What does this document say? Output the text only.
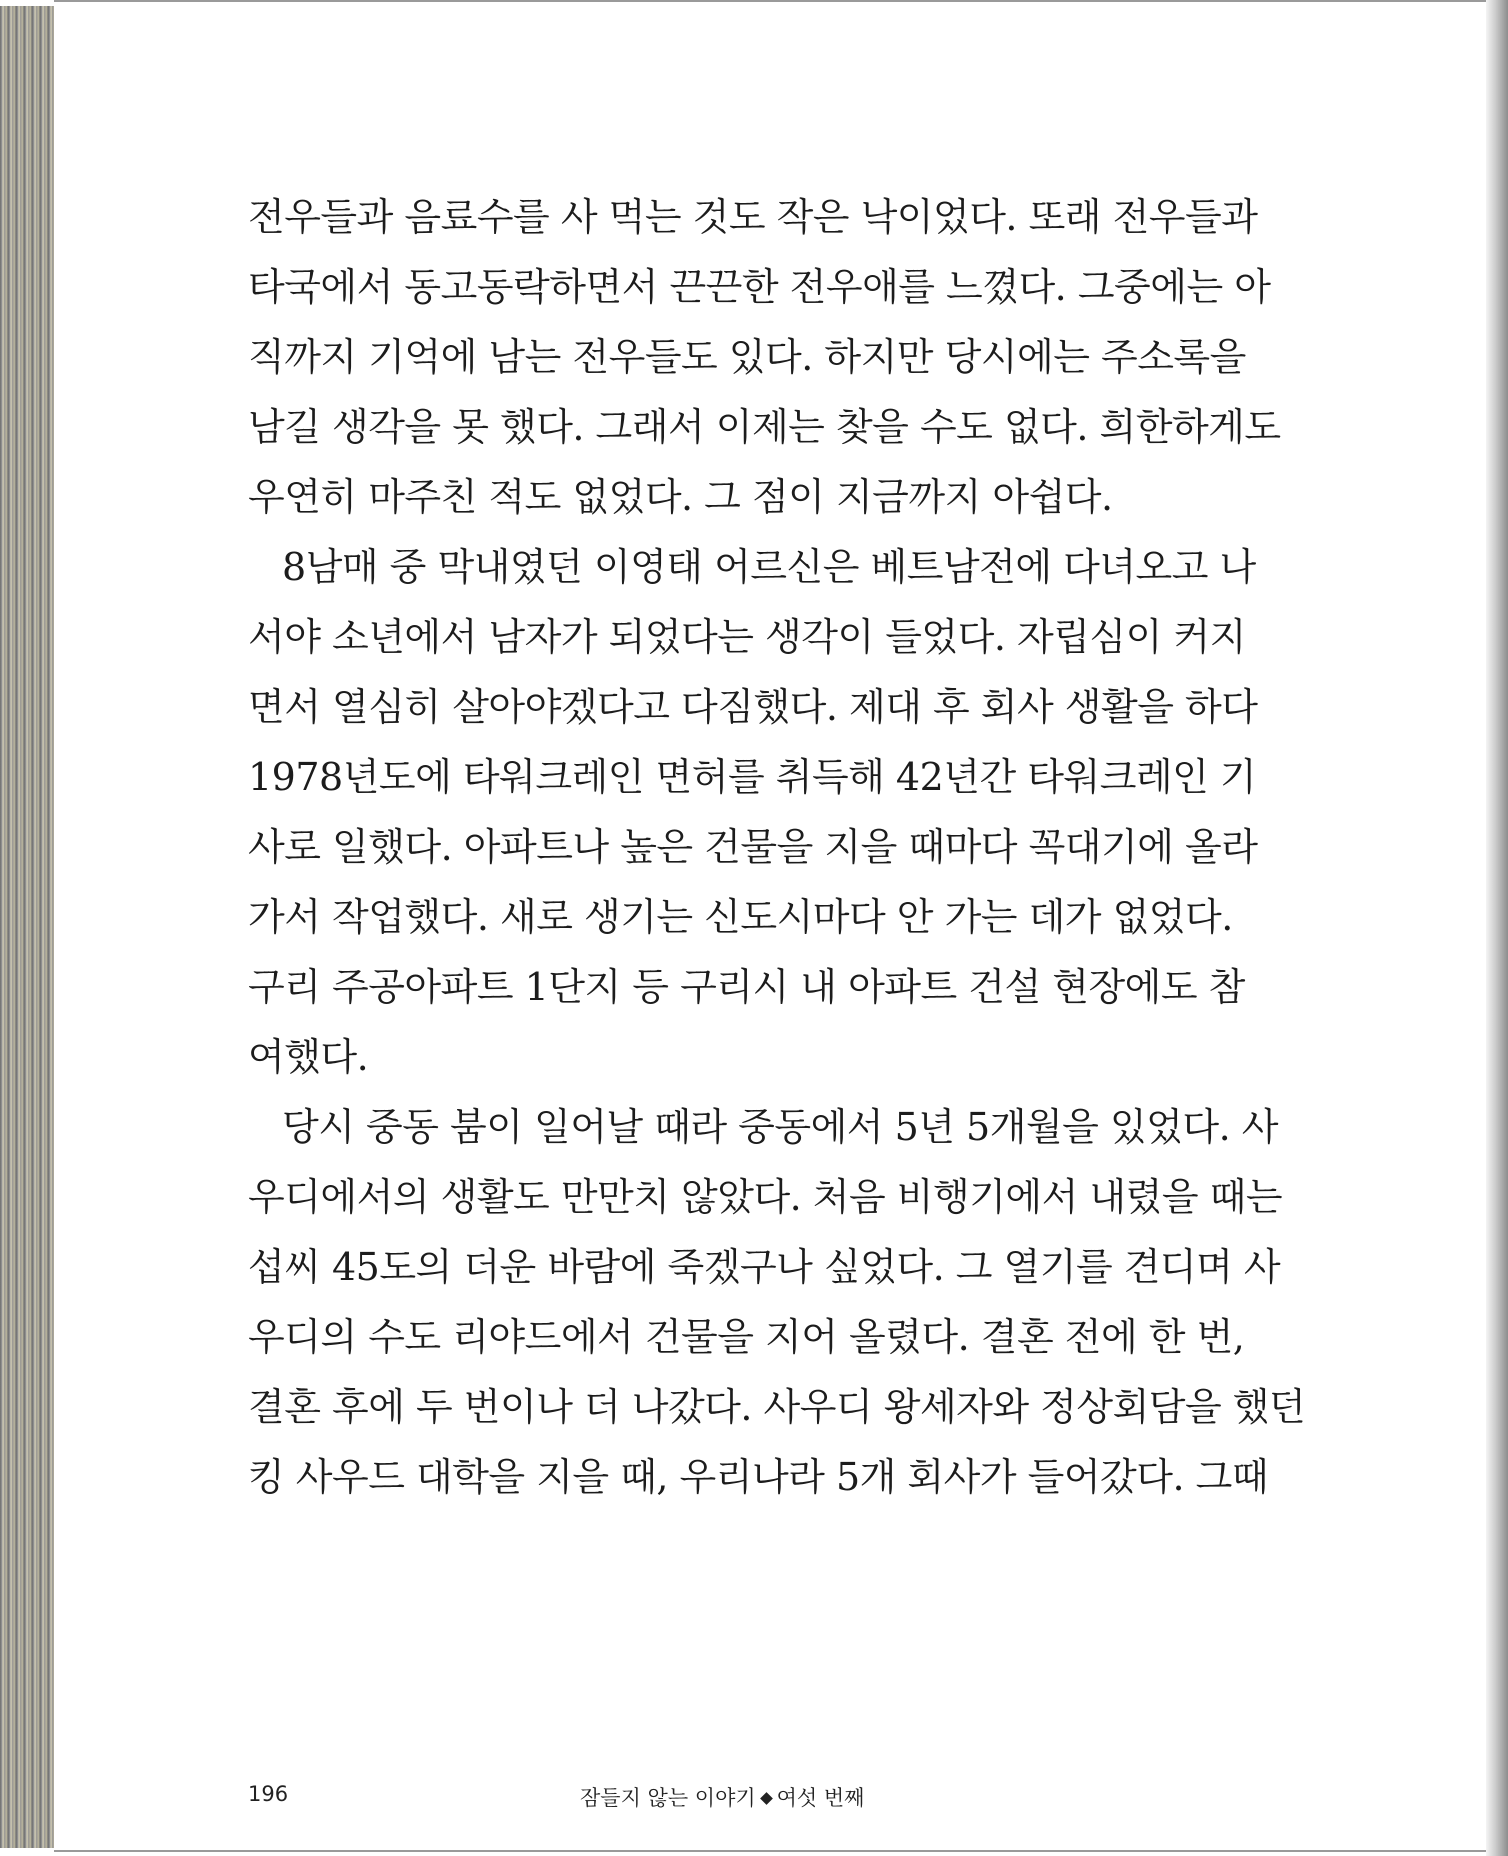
전우들과 음료수를 사 먹는 것도 작은 낙이었다. 또래 전우들과
타국에서 동고동락하면서 끈끈한 전우애를 느꼈다. 그중에는 아
직까지 기억에 남는 전우들도 있다. 하지만 당시에는 주소록을
남길 생각을 못 했다. 그래서 이제는 찾을 수도 없다. 희한하게도
우연히 마주친 적도 없었다. 그 점이 지금까지 아쉽다.
8남매 중 막내였던 이영태 어르신은 베트남전에 다녀오고 나
서야 소년에서 남자가 되었다는 생각이 들었다. 자립심이 커지
면서 열심히 살아야겠다고 다짐했다. 제대 후 회사 생활을 하다
1978년도에 타워크레인 면허를 취득해 42년간 타워크레인 기
사로 일했다. 아파트나 높은 건물을 지을 때마다 꼭대기에 올라
가서 작업했다. 새로 생기는 신도시마다 안 가는 데가 없었다.
구리 주공아파트 1단지 등 구리시 내 아파트 건설 현장에도 참
여했다.
당시 중동 붐이 일어날 때라 중동에서 5년 5개월을 있었다. 사
우디에서의 생활도 만만치 않았다. 처음 비행기에서 내렸을 때는
섭씨 45도의 더운 바람에 죽겠구나 싶었다. 그 열기를 견디며 사
우디의 수도 리야드에서 건물을 지어 올렸다. 결혼 전에 한 번,
결혼 후에 두 번이나 더 나갔다. 사우디 왕세자와 정상회담을 했던
킹 사우드 대학을 지을 때, 우리나라 5개 회사가 들어갔다. 그때
196	잠들지 않는 이야기 여섯 번째
